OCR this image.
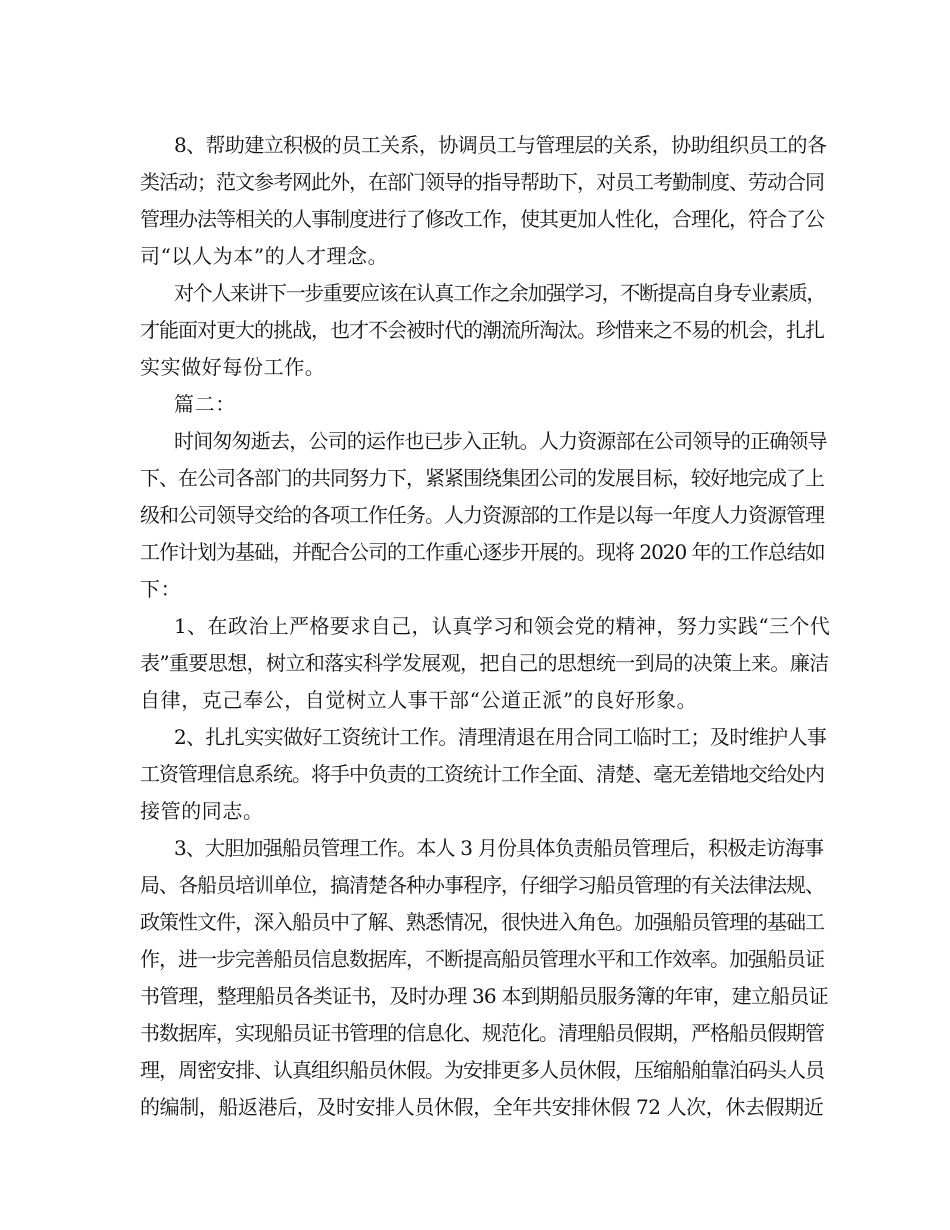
8、帮助建立积极的员工关系，协调员工与管理层的关系，协助组织员工的各
类活动；范文参考网此外，在部门领导的指导帮助下，对员工考勤制度、劳动合同
管理办法等相关的人事制度进行了修改工作，使其更加人性化，合理化，符合了公
司“以人为本”的人才理念。
对个人来讲下一步重要应该在认真工作之余加强学习，不断提高自身专业素质，
才能面对更大的挑战，也才不会被时代的潮流所淘汰。珍惜来之不易的机会，扎扎
实实做好每份工作。
篇二：
时间匆匆逝去，公司的运作也已步入正轨。人力资源部在公司领导的正确领导
下、在公司各部门的共同努力下，紧紧围绕集团公司的发展目标，较好地完成了上
级和公司领导交给的各项工作任务。人力资源部的工作是以每一年度人力资源管理
工作计划为基础，并配合公司的工作重心逐步开展的。现将 2020 年的工作总结如
下：
1、在政治上严格要求自己，认真学习和领会党的精神，努力实践“三个代
表”重要思想，树立和落实科学发展观，把自己的思想统一到局的决策上来。廉洁
自律，克己奉公，自觉树立人事干部“公道正派”的良好形象。
2、扎扎实实做好工资统计工作。清理清退在用合同工临时工；及时维护人事
工资管理信息系统。将手中负责的工资统计工作全面、清楚、毫无差错地交给处内
接管的同志。
3、大胆加强船员管理工作。本人 3 月份具体负责船员管理后，积极走访海事
局、各船员培训单位，搞清楚各种办事程序，仔细学习船员管理的有关法律法规、
政策性文件，深入船员中了解、熟悉情况，很快进入角色。加强船员管理的基础工
作，进一步完善船员信息数据库，不断提高船员管理水平和工作效率。加强船员证
书管理，整理船员各类证书，及时办理 36 本到期船员服务簿的年审，建立船员证
书数据库，实现船员证书管理的信息化、规范化。清理船员假期，严格船员假期管
理，周密安排、认真组织船员休假。为安排更多人员休假，压缩船舶靠泊码头人员
的编制，船返港后，及时安排人员休假，全年共安排休假 72 人次，休去假期近
